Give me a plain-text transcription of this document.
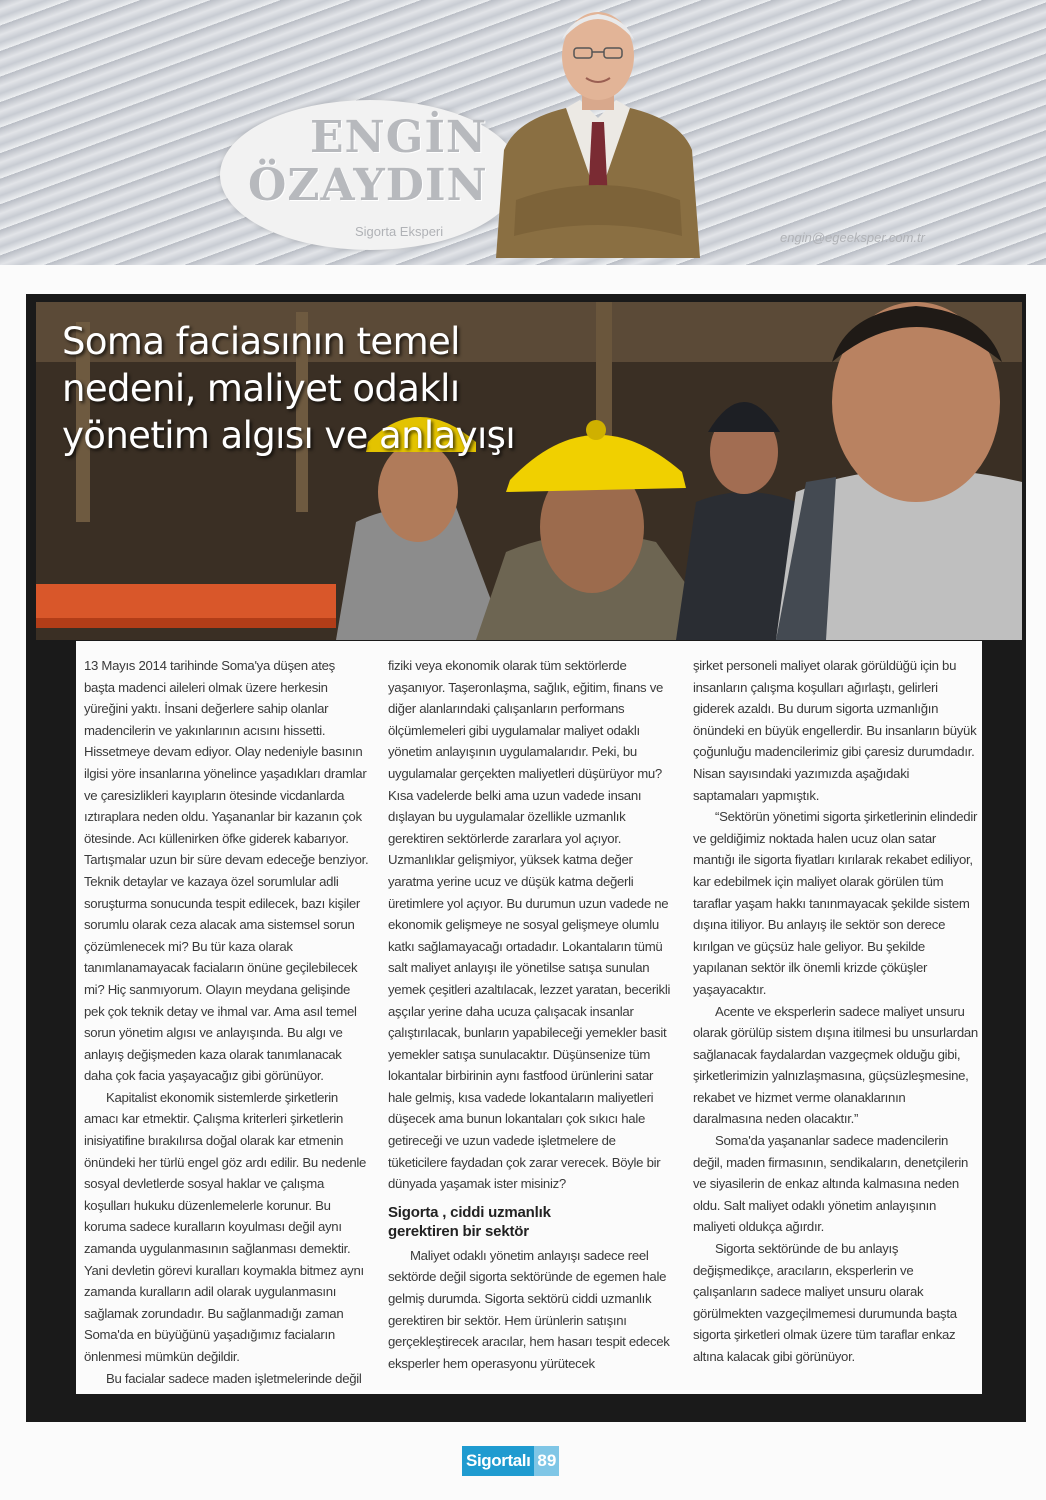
ENGİN
ÖZAYDIN
Sigorta Eksperi	engin@egeeksper.com.tr
Soma faciasının temel
nedeni, maliyet odaklı
yönetim algısı ve anlayışı

13 Mayıs 2014 tarihinde Soma'ya düşen ateş başta madenci aileleri olmak üzere herkesin yüreğini yaktı. İnsani değerlere sahip olanlar madencilerin ve yakınlarının acısını hissetti. Hissetmeye devam ediyor. Olay nedeniyle basının ilgisi yöre insanlarına yönelince yaşadıkları dramlar ve çaresizlikleri kayıpların ötesinde vicdanlarda ıztıraplara neden oldu. Yaşananlar bir kazanın çok ötesinde. Acı küllenirken öfke giderek kabarıyor. Tartışmalar uzun bir süre devam edeceğe benziyor. Teknik detaylar ve kazaya özel sorumlular adli soruşturma sonucunda tespit edilecek, bazı kişiler sorumlu olarak ceza alacak ama sistemsel sorun çözümlenecek mi? Bu tür kaza olarak tanımlanamayacak faciaların önüne geçilebilecek mi? Hiç sanmıyorum. Olayın meydana gelişinde pek çok teknik detay ve ihmal var. Ama asıl temel sorun yönetim algısı ve anlayışında. Bu algı ve anlayış değişmeden kaza olarak tanımlanacak daha çok facia yaşayacağız gibi görünüyor.

Kapitalist ekonomik sistemlerde şirketlerin amacı kar etmektir. Çalışma kriterleri şirketlerin inisiyatifine bırakılırsa doğal olarak kar etmenin önündeki her türlü engel göz ardı edilir. Bu nedenle sosyal devletlerde sosyal haklar ve çalışma koşulları hukuku düzenlemelerle korunur. Bu koruma sadece kuralların koyulması değil aynı zamanda uygulanmasının sağlanması demektir. Yani devletin görevi kuralları koymakla bitmez aynı zamanda kuralların adil olarak uygulanmasını sağlamak zorundadır. Bu sağlanmadığı zaman Soma'da en büyüğünü yaşadığımız faciaların önlenmesi mümkün değildir.

Bu facialar sadece maden işletmelerinde değil

fiziki veya ekonomik olarak tüm sektörlerde yaşanıyor. Taşeronlaşma, sağlık, eğitim, finans ve diğer alanlarındaki çalışanların performans ölçümlemeleri gibi uygulamalar maliyet odaklı yönetim anlayışının uygulamalarıdır. Peki, bu uygulamalar gerçekten maliyetleri düşürüyor mu? Kısa vadelerde belki ama uzun vadede insanı dışlayan bu uygulamalar özellikle uzmanlık gerektiren sektörlerde zararlara yol açıyor. Uzmanlıklar gelişmiyor, yüksek katma değer yaratma yerine ucuz ve düşük katma değerli üretimlere yol açıyor. Bu durumun uzun vadede ne ekonomik gelişmeye ne sosyal gelişmeye olumlu katkı sağlamayacağı ortadadır. Lokantaların tümü salt maliyet anlayışı ile yönetilse satışa sunulan yemek çeşitleri azaltılacak, lezzet yaratan, becerikli aşçılar yerine daha ucuza çalışacak insanlar çalıştırılacak, bunların yapabileceği yemekler basit yemekler satışa sunulacaktır. Düşünsenize tüm lokantalar birbirinin aynı fastfood ürünlerini satar hale gelmiş, kısa vadede lokantaların maliyetleri düşecek ama bunun lokantaları çok sıkıcı hale getireceği ve uzun vadede işletmelere de tüketicilere faydadan çok zarar verecek. Böyle bir dünyada yaşamak ister misiniz?

Sigorta , ciddi uzmanlık
gerektiren bir sektör

Maliyet odaklı yönetim anlayışı sadece reel sektörde değil sigorta sektöründe de egemen hale gelmiş durumda. Sigorta sektörü ciddi uzmanlık gerektiren bir sektör. Hem ürünlerin satışını gerçekleştirecek aracılar, hem hasarı tespit edecek eksperler hem operasyonu yürütecek

şirket personeli maliyet olarak görüldüğü için bu insanların çalışma koşulları ağırlaştı, gelirleri giderek azaldı. Bu durum sigorta uzmanlığın önündeki en büyük engellerdir. Bu insanların büyük çoğunluğu madencilerimiz gibi çaresiz durumdadır. Nisan sayısındaki yazımızda aşağıdaki saptamaları yapmıştık.

“Sektörün yönetimi sigorta şirketlerinin elindedir ve geldiğimiz noktada halen ucuz olan satar mantığı ile sigorta fiyatları kırılarak rekabet ediliyor, kar edebilmek için maliyet olarak görülen tüm taraflar yaşam hakkı tanınmayacak şekilde sistem dışına itiliyor. Bu anlayış ile sektör son derece kırılgan ve güçsüz hale geliyor. Bu şekilde yapılanan sektör ilk önemli krizde çöküşler yaşayacaktır.

Acente ve eksperlerin sadece maliyet unsuru olarak görülüp sistem dışına itilmesi bu unsurlardan sağlanacak faydalardan vazgeçmek olduğu gibi, şirketlerimizin yalnızlaşmasına, güçsüzleşmesine, rekabet ve hizmet verme olanaklarının daralmasına neden olacaktır.”

Soma'da yaşananlar sadece madencilerin değil, maden firmasının, sendikaların, denetçilerin ve siyasilerin de enkaz altında kalmasına neden oldu. Salt maliyet odaklı yönetim anlayışının maliyeti oldukça ağırdır.

Sigorta sektöründe de bu anlayış değişmedikçe, aracıların, eksperlerin ve çalışanların sadece maliyet unsuru olarak görülmekten vazgeçilmemesi durumunda başta sigorta şirketleri olmak üzere tüm taraflar enkaz altına kalacak gibi görünüyor.

Sigortalı 89
